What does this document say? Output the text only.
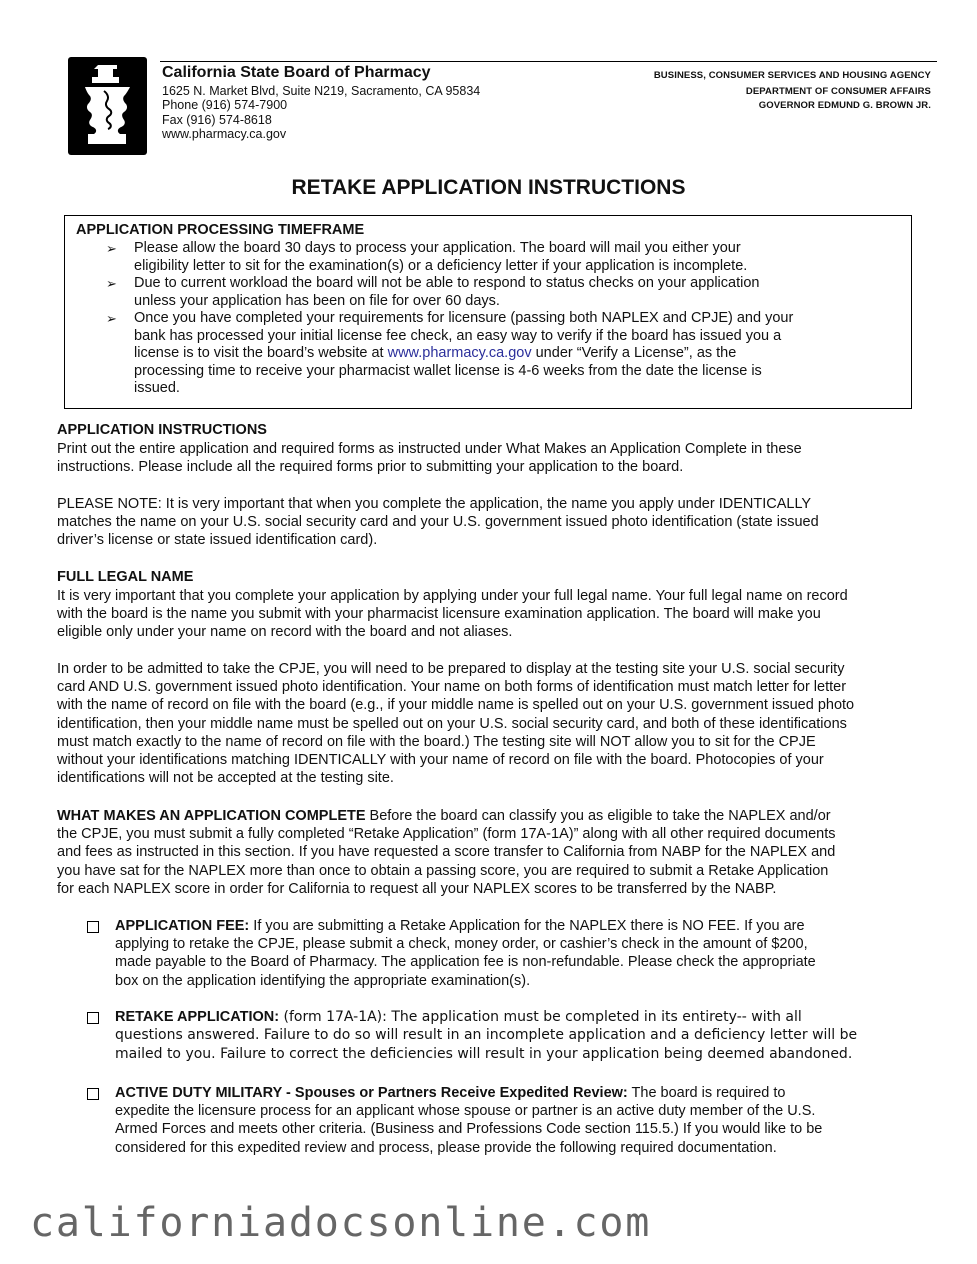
California State Board of Pharmacy
1625 N. Market Blvd, Suite N219, Sacramento, CA 95834
Phone (916) 574-7900
Fax (916) 574-8618
www.pharmacy.ca.gov
BUSINESS, CONSUMER SERVICES AND HOUSING AGENCY
DEPARTMENT OF CONSUMER AFFAIRS
GOVERNOR EDMUND G. BROWN JR.
RETAKE APPLICATION INSTRUCTIONS
APPLICATION PROCESSING TIMEFRAME
➢ Please allow the board 30 days to process your application. The board will mail you either your
eligibility letter to sit for the examination(s) or a deficiency letter if your application is incomplete.
➢ Due to current workload the board will not be able to respond to status checks on your application
unless your application has been on file for over 60 days.
➢ Once you have completed your requirements for licensure (passing both NAPLEX and CPJE) and your
bank has processed your initial license fee check, an easy way to verify if the board has issued you a
license is to visit the board’s website at www.pharmacy.ca.gov under “Verify a License”, as the
processing time to receive your pharmacist wallet license is 4-6 weeks from the date the license is
issued.
APPLICATION INSTRUCTIONS
Print out the entire application and required forms as instructed under What Makes an Application Complete in these
instructions. Please include all the required forms prior to submitting your application to the board.
PLEASE NOTE: It is very important that when you complete the application, the name you apply under IDENTICALLY
matches the name on your U.S. social security card and your U.S. government issued photo identification (state issued
driver’s license or state issued identification card).
FULL LEGAL NAME
It is very important that you complete your application by applying under your full legal name. Your full legal name on record
with the board is the name you submit with your pharmacist licensure examination application. The board will make you
eligible only under your name on record with the board and not aliases.
In order to be admitted to take the CPJE, you will need to be prepared to display at the testing site your U.S. social security
card AND U.S. government issued photo identification. Your name on both forms of identification must match letter for letter
with the name of record on file with the board (e.g., if your middle name is spelled out on your U.S. government issued photo
identification, then your middle name must be spelled out on your U.S. social security card, and both of these identifications
must match exactly to the name of record on file with the board.) The testing site will NOT allow you to sit for the CPJE
without your identifications matching IDENTICALLY with your name of record on file with the board. Photocopies of your
identifications will not be accepted at the testing site.
WHAT MAKES AN APPLICATION COMPLETE Before the board can classify you as eligible to take the NAPLEX and/or
the CPJE, you must submit a fully completed “Retake Application” (form 17A-1A)” along with all other required documents
and fees as instructed in this section. If you have requested a score transfer to California from NABP for the NAPLEX and
you have sat for the NAPLEX more than once to obtain a passing score, you are required to submit a Retake Application
for each NAPLEX score in order for California to request all your NAPLEX scores to be transferred by the NABP.
APPLICATION FEE: If you are submitting a Retake Application for the NAPLEX there is NO FEE. If you are
applying to retake the CPJE, please submit a check, money order, or cashier’s check in the amount of $200,
made payable to the Board of Pharmacy. The application fee is non-refundable. Please check the appropriate
box on the application identifying the appropriate examination(s).
RETAKE APPLICATION: (form 17A-1A): The application must be completed in its entirety-- with all
questions answered. Failure to do so will result in an incomplete application and a deficiency letter will be
mailed to you. Failure to correct the deficiencies will result in your application being deemed abandoned.
ACTIVE DUTY MILITARY - Spouses or Partners Receive Expedited Review: The board is required to
expedite the licensure process for an applicant whose spouse or partner is an active duty member of the U.S.
Armed Forces and meets other criteria. (Business and Professions Code section 115.5.) If you would like to be
considered for this expedited review and process, please provide the following required documentation.
californiadocsonline.com
